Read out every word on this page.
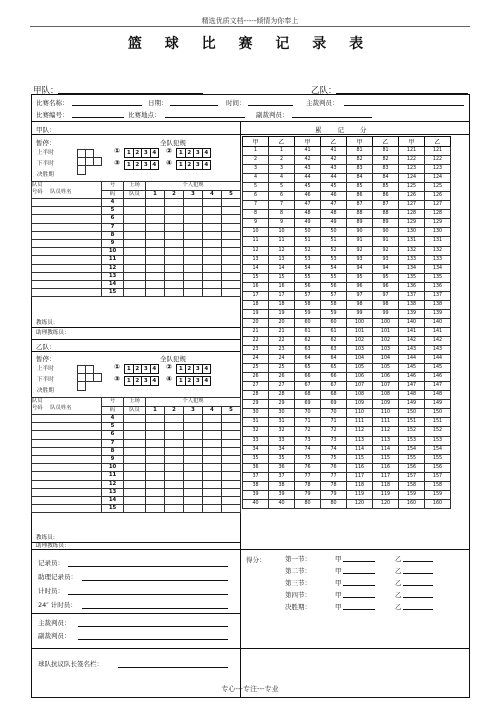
精选优质文档-----倾情为你奉上
篮 球 比 赛 记 录 表
甲队：	乙队：
比赛名称：	日期：	时间：	主裁判员：
比赛编号：	比赛地点：	副裁判员：
甲队：
暂停：	全队犯规
上半时
下半时
决胜期

① 1	2	3	4 ② 1	2	3	4
③ 1	2	3	4 ④ 1	2	3	4
队员
号码 队员姓名	号	上场	个人犯规				
	码	队员	1	2	3	4	5
	4						
	5						
	6						
	7						
	8						
	9						
	10						
	11						
	12						
	13						
	14						
	15						
教练员：
助理教练员：
乙队：
暂停：	全队犯规
上半时
下半时
决胜期

① 1	2	3	4 ② 1	2	3	4
③ 1	2	3	4 ④ 1	2	3	4
队员
号码 队员姓名	号	上场	个人犯规				
	码	队员	1	2	3	4	5
	4						
	5						
	6						
	7						
	8						
	9						
	10						
	11						
	12						
	13						
	14						
	15						
教练员：
助理教练员：
累　　记　　分
甲	乙	甲	乙	甲	乙	甲	乙
1	1	41	41	81	81	121	121
2	2	42	42	82	82	122	122
3	3	43	43	83	83	123	123
4	4	44	44	84	84	124	124
5	5	45	45	85	85	125	125
6	6	46	46	86	86	126	126
7	7	47	47	87	87	127	127
8	8	48	48	88	88	128	128
9	9	49	49	89	89	129	129
10	10	50	50	90	90	130	130
11	11	51	51	91	91	131	131
12	12	52	52	92	92	132	132
13	13	53	53	93	93	133	133
14	14	54	54	94	94	134	134
15	15	55	55	95	95	135	135
16	16	56	56	96	96	136	136
17	17	57	57	97	97	137	137
18	18	58	58	98	98	138	138
19	19	59	59	99	99	139	139
20	20	60	60	100	100	140	140
21	21	61	61	101	101	141	141
22	22	62	62	102	102	142	142
23	23	63	63	103	103	143	143
24	24	64	64	104	104	144	144
25	25	65	65	105	105	145	145
26	26	66	66	106	106	146	146
27	27	67	67	107	107	147	147
28	28	68	68	108	108	148	148
29	29	69	69	109	109	149	149
30	30	70	70	110	110	150	150
31	31	71	71	111	111	151	151
32	32	72	72	112	112	152	152
33	33	73	73	113	113	153	153
34	34	74	74	114	114	154	154
35	35	75	75	115	115	155	155
36	36	76	76	116	116	156	156
37	37	77	77	117	117	157	157
38	38	78	78	118	118	158	158
39	39	79	79	119	119	159	159
40	40	80	80	120	120	160	160
记录员：
助理记录员：
计时员：
24″ 计时员：
主裁判员：
副裁判员：
球队抗议队长签名栏：
得分：	第一节：	甲	乙
第二节：	甲	乙
第三节：	甲	乙
第四节：	甲	乙
决胜期：	甲	乙
专心---专注---专业
